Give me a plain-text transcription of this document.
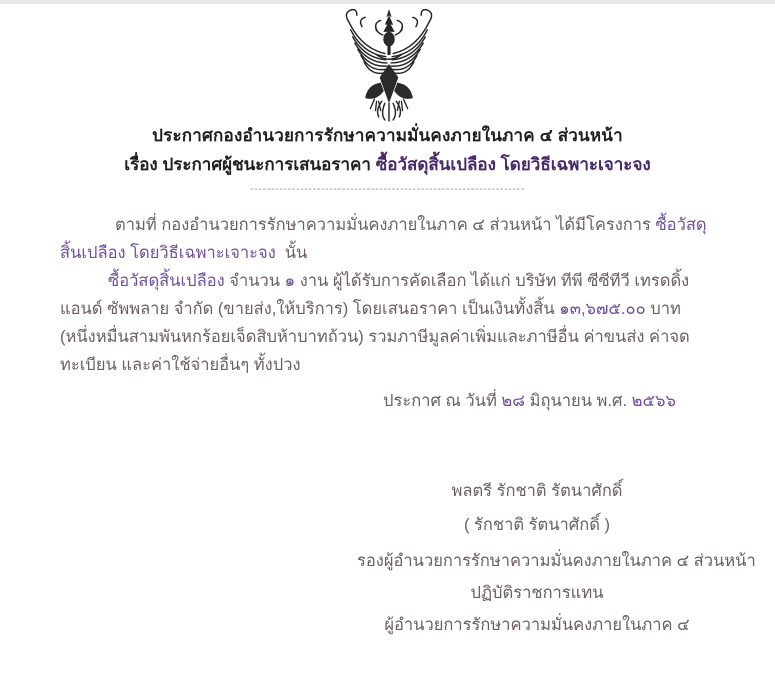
ประกาศกองอำนวยการรักษาความมั่นคงภายในภาค ๔ ส่วนหน้า
เรื่อง ประกาศผู้ชนะการเสนอราคา ซื้อวัสดุสิ้นเปลือง โดยวิธีเฉพาะเจาะจง
------------------------------------------------------------------
ตามที่ กองอำนวยการรักษาความมั่นคงภายในภาค ๔ ส่วนหน้า ได้มีโครงการ ซื้อวัสดุสิ้นเปลือง โดยวิธีเฉพาะเจาะจง นั้น
ซื้อวัสดุสิ้นเปลือง จำนวน ๑ งาน ผู้ได้รับการคัดเลือก ได้แก่ บริษัท ทีพี ซีซีทีวี เทรดดิ้ง แอนด์ ซัพพลาย จำกัด (ขายส่ง,ให้บริการ) โดยเสนอราคา เป็นเงินทั้งสิ้น ๑๓,๖๗๕.๐๐ บาท (หนึ่งหมื่นสามพันหกร้อยเจ็ดสิบห้าบาทถ้วน) รวมภาษีมูลค่าเพิ่มและภาษีอื่น ค่าขนส่ง ค่าจดทะเบียน และค่าใช้จ่ายอื่นๆ ทั้งปวง
ประกาศ ณ วันที่ ๒๘ มิถุนายน พ.ศ. ๒๕๖๖
พลตรี รักชาติ รัตนาศักดิ์
( รักชาติ รัตนาศักดิ์ )
รองผู้อำนวยการรักษาความมั่นคงภายในภาค ๔ ส่วนหน้า
ปฏิบัติราชการแทน
ผู้อำนวยการรักษาความมั่นคงภายในภาค ๔
